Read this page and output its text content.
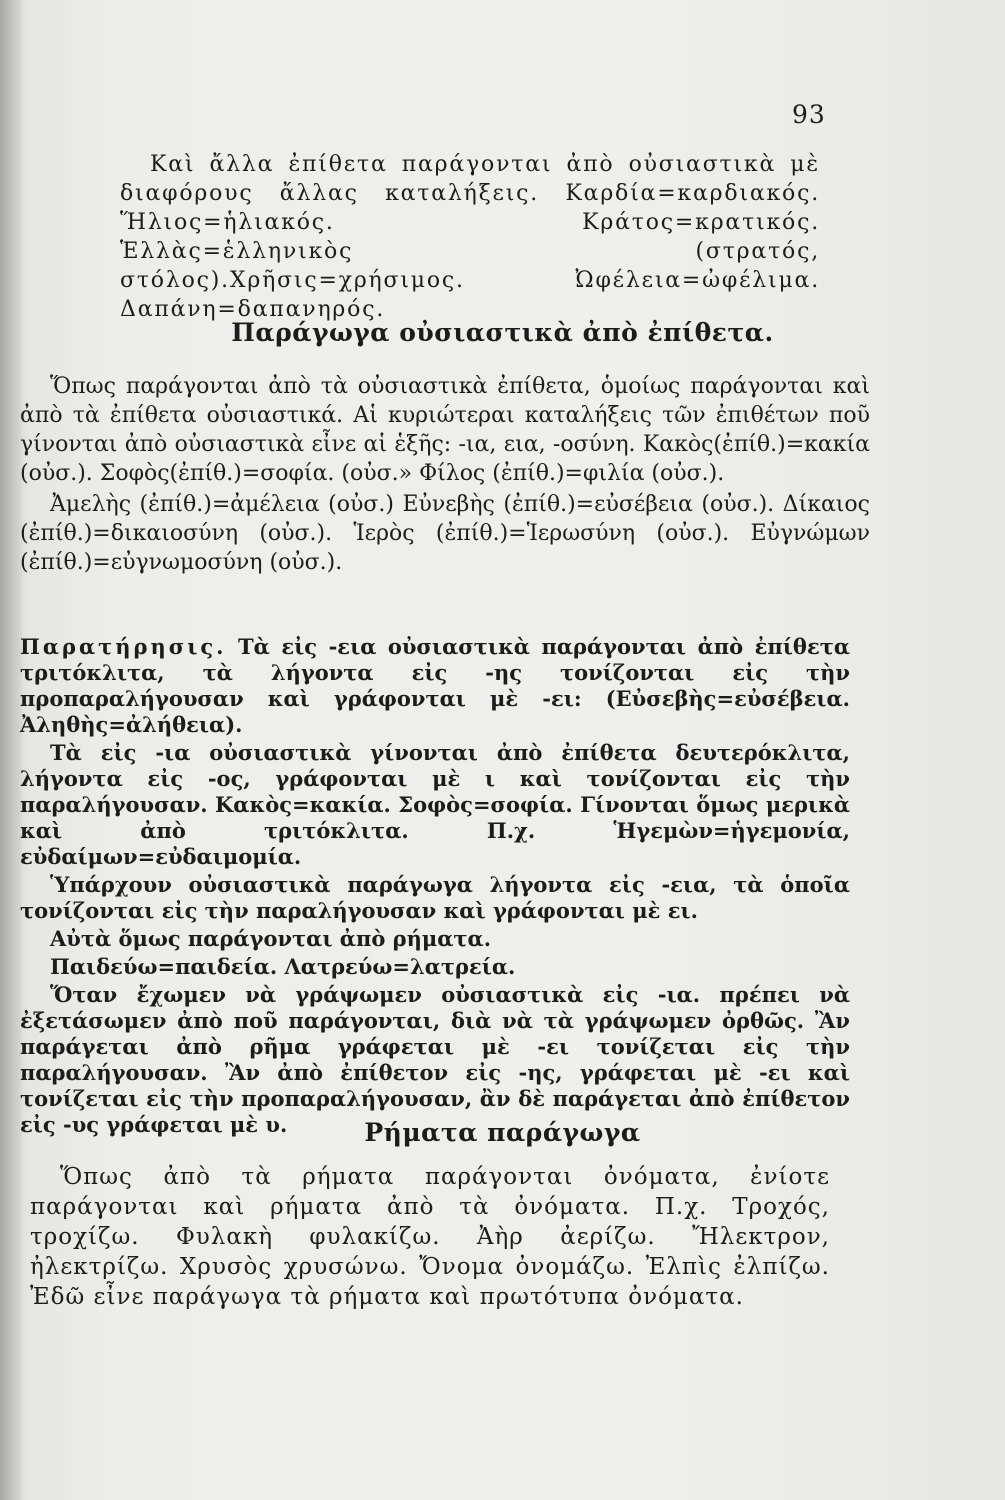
93

Καὶ ἄλλα ἐπίθετα παράγονται ἀπὸ οὐσιαστικὰ μὲ διαφόρους ἄλλας καταλήξεις. Καρδία=καρδιακός. Ἥλιος=ἡλιακός. Κράτος=κρατικός. Ἑλλὰς=ἑλληνικὸς (στρατός, στόλος).Χρῆσις=χρήσιμος. Ὠφέλεια=ὠφέλιμα. Δαπάνη=δαπανηρός.

Παράγωγα οὐσιαστικὰ ἀπὸ ἐπίθετα.

Ὅπως παράγονται ἀπὸ τὰ οὐσιαστικὰ ἐπίθετα, ὁμοίως παράγονται καὶ ἀπὸ τὰ ἐπίθετα οὐσιαστικά. Αἱ κυριώτεραι καταλήξεις τῶν ἐπιθέτων ποῦ γίνονται ἀπὸ οὐσιαστικὰ εἶνε αἱ ἑξῆς: -ια, εια, -οσύνη. Κακὸς(ἐπίθ.)=κακία (οὐσ.). Σοφὸς(ἐπίθ.)=σοφία. (οὐσ.» Φίλος (ἐπίθ.)=φιλία (οὐσ.).

Ἀμελὴς (ἐπίθ.)=ἀμέλεια (οὐσ.) Εὐνεβὴς (ἐπίθ.)=εὐσέβεια (οὐσ.). Δίκαιος (ἐπίθ.)=δικαιοσύνη (οὐσ.). Ἱερὸς (ἐπίθ.)=Ἱερωσύνη (οὐσ.). Εὐγνώμων (ἐπίθ.)=εὐγνωμοσύνη (οὐσ.).

Παρατήρησις. Τὰ εἰς -εια οὐσιαστικὰ παράγονται ἀπὸ ἐπίθετα τριτόκλιτα, τὰ λήγοντα εἰς -ης τονίζονται εἰς τὴν προπαραλήγουσαν καὶ γράφονται μὲ -ει: (Εὐσεβὴς=εὐσέβεια. Ἀληθὴς=ἀλήθεια).

Τὰ εἰς -ια οὐσιαστικὰ γίνονται ἀπὸ ἐπίθετα δευτερόκλιτα, λήγοντα εἰς -ος, γράφονται μὲ ι καὶ τονίζονται εἰς τὴν παραλήγουσαν. Κακὸς=κακία. Σοφὸς=σοφία. Γίνονται ὅμως μερικὰ καὶ ἀπὸ τριτόκλιτα. Π.χ. Ἡγεμὼν=ἡγεμονία, εὐδαίμων=εὐδαιμομία.

Ὑπάρχουν οὐσιαστικὰ παράγωγα λήγοντα εἰς -εια, τὰ ὁποῖα τονίζονται εἰς τὴν παραλήγουσαν καὶ γράφονται μὲ ει.

Αὐτὰ ὅμως παράγονται ἀπὸ ρήματα.

Παιδεύω=παιδεία. Λατρεύω=λατρεία.

Ὅταν ἔχωμεν νὰ γράψωμεν οὐσιαστικὰ εἰς -ια. πρέπει νὰ ἐξετάσωμεν ἀπὸ ποῦ παράγονται, διὰ νὰ τὰ γράψωμεν ὀρθῶς. Ἂν παράγεται ἀπὸ ρῆμα γράφεται μὲ -ει τονίζεται εἰς τὴν παραλήγουσαν. Ἂν ἀπὸ ἐπίθετον εἰς -ης, γράφεται μὲ -ει καὶ τονίζεται εἰς τὴν προπαραλήγουσαν, ἂν δὲ παράγεται ἀπὸ ἐπίθετον εἰς -υς γράφεται μὲ υ.	Ρήματα παράγωγα

Ὅπως ἀπὸ τὰ ρήματα παράγονται ὀνόματα, ἐνίοτε παράγονται καὶ ρήματα ἀπὸ τὰ ὀνόματα. Π.χ. Τροχός, τροχίζω. Φυλακὴ φυλακίζω. Ἀὴρ ἀερίζω. Ἤλεκτρον, ἠλεκτρίζω. Χρυσὸς χρυσώνω. Ὄνομα ὀνομάζω. Ἐλπὶς ἐλπίζω. Ἐδῶ εἶνε παράγωγα τὰ ρήματα καὶ πρωτότυπα ὀνόματα.
